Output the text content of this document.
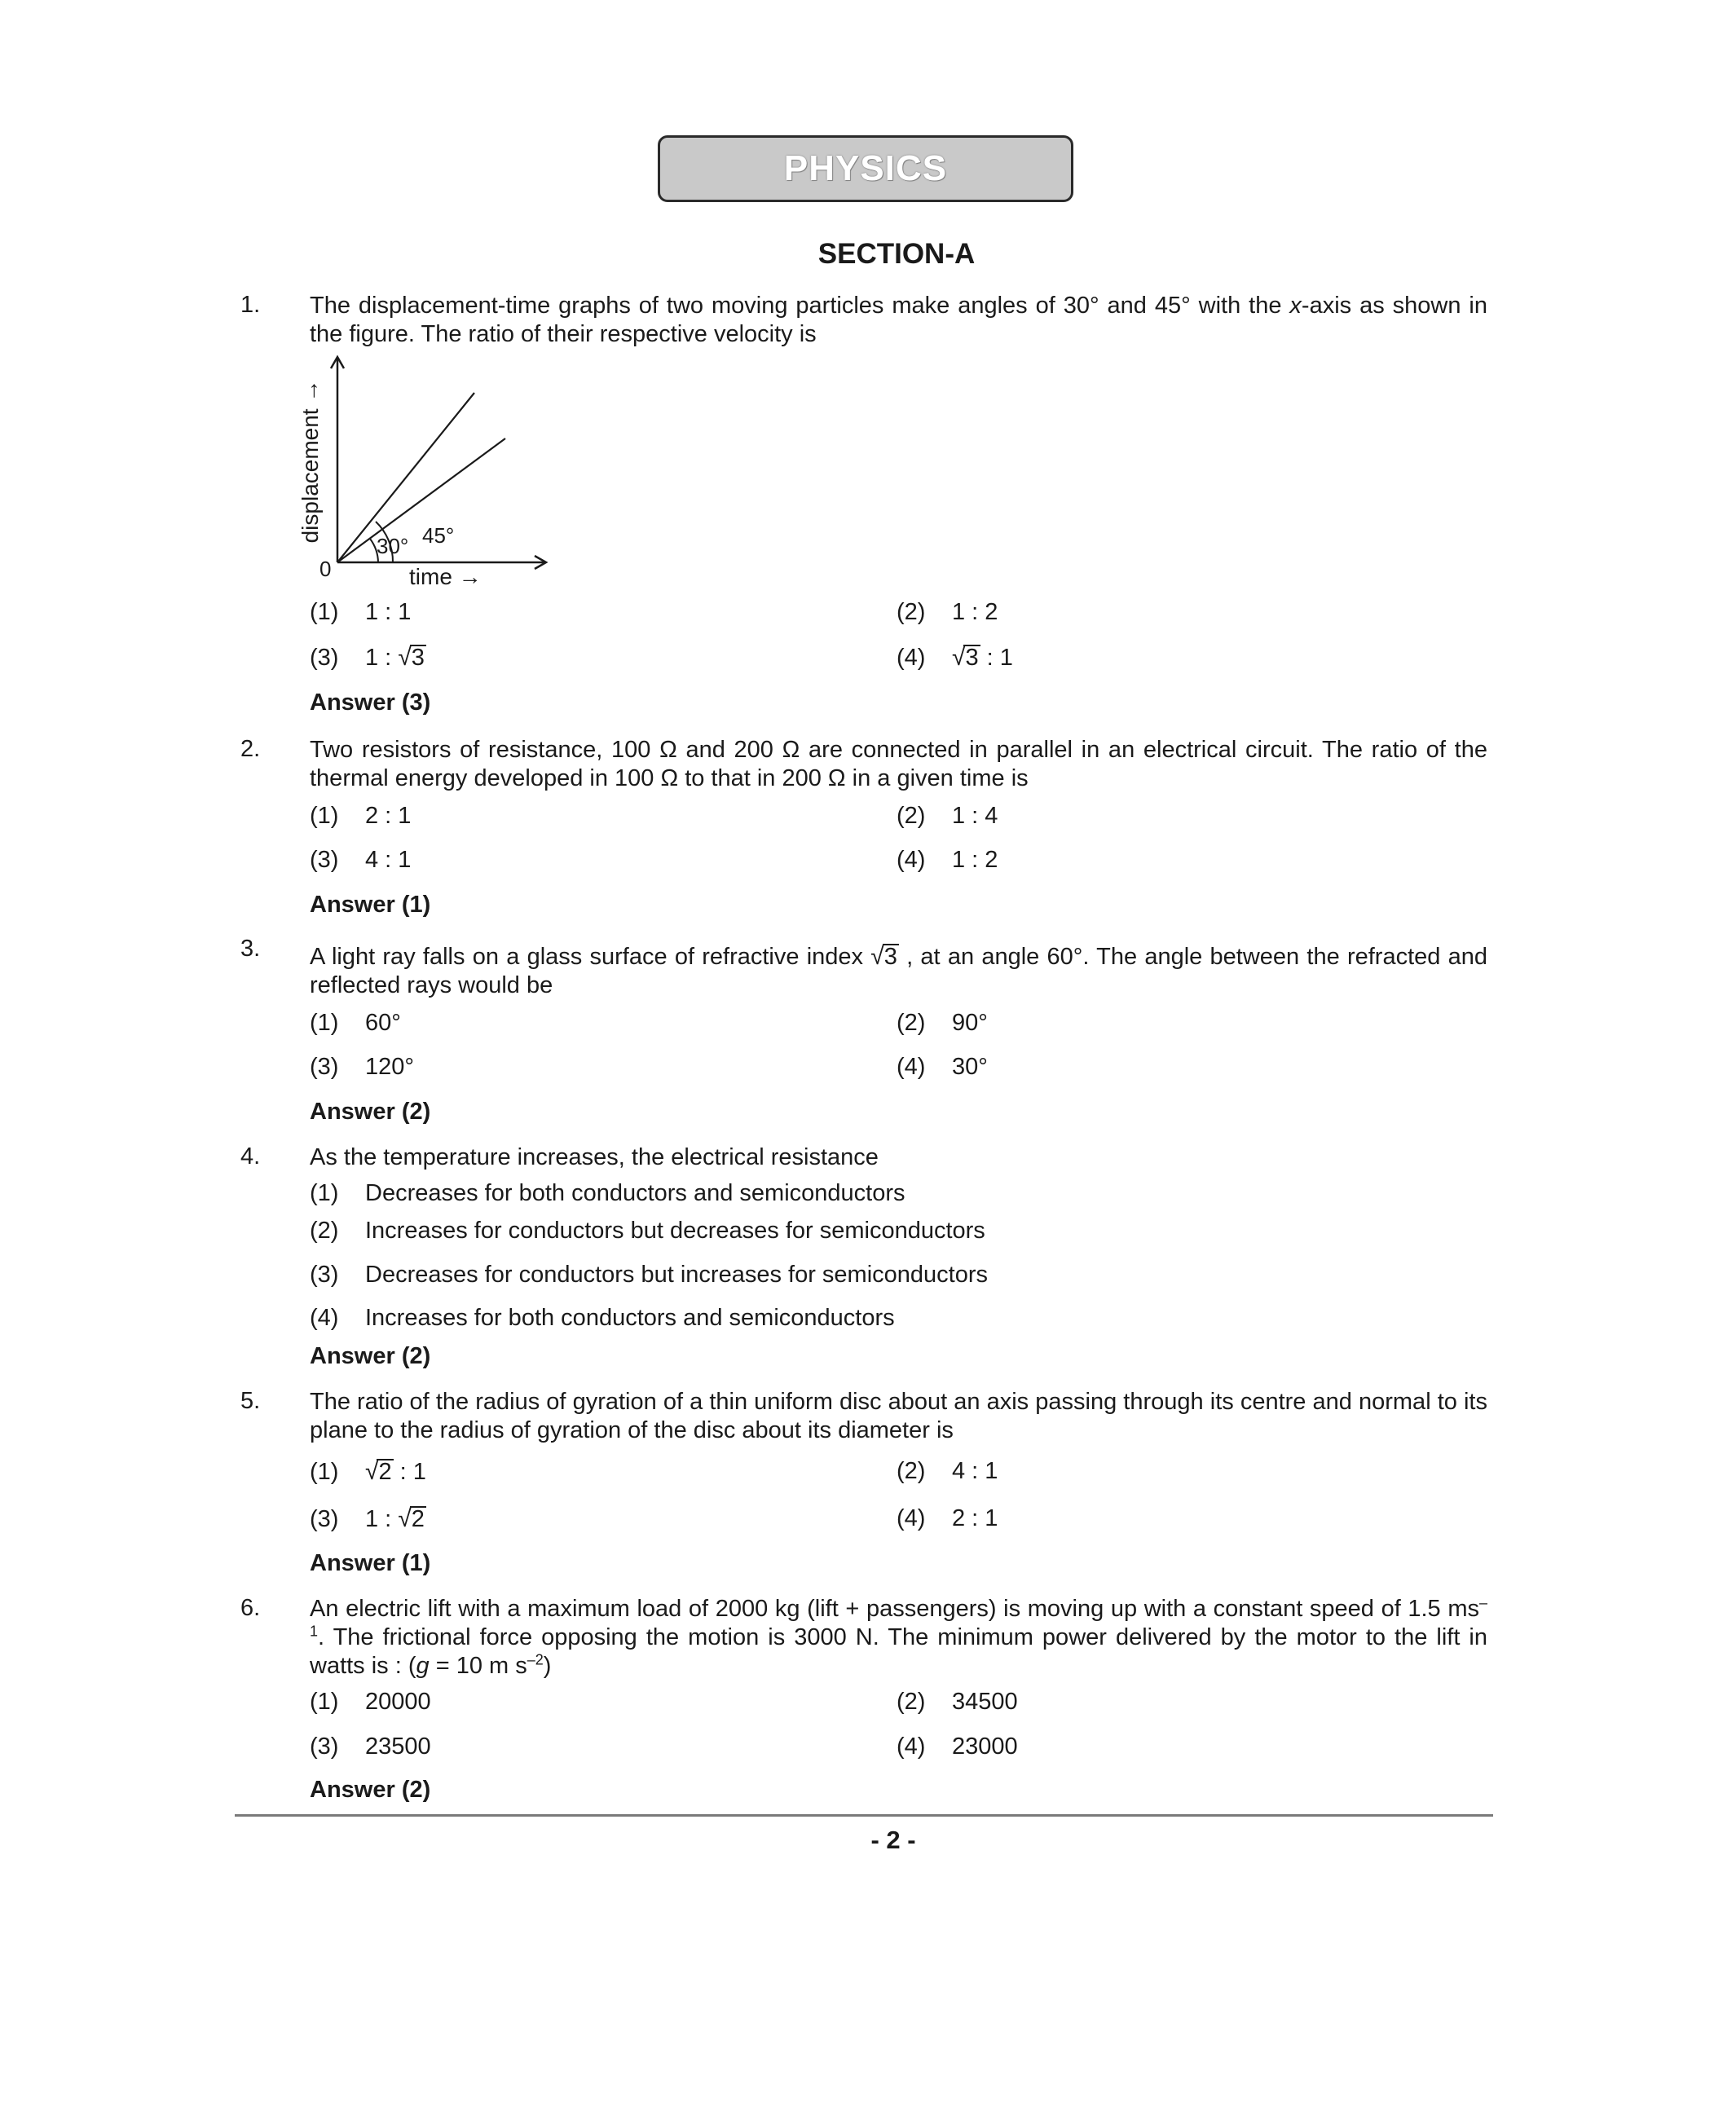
PHYSICS
SECTION-A
1. The displacement-time graphs of two moving particles make angles of 30° and 45° with the x-axis as shown in the figure. The ratio of their respective velocity is
displacement →
time →
0
30° 45°
(1) 1 : 1	(2) 1 : 2
(3) 1 : √3	(4) √3 : 1
Answer (3)
2. Two resistors of resistance, 100 Ω and 200 Ω are connected in parallel in an electrical circuit. The ratio of the thermal energy developed in 100 Ω to that in 200 Ω in a given time is
(1) 2 : 1	(2) 1 : 4
(3) 4 : 1	(4) 1 : 2
Answer (1)
3. A light ray falls on a glass surface of refractive index √3 , at an angle 60°. The angle between the refracted and reflected rays would be
(1) 60°	(2) 90°
(3) 120°	(4) 30°
Answer (2)
4. As the temperature increases, the electrical resistance
(1) Decreases for both conductors and semiconductors
(2) Increases for conductors but decreases for semiconductors
(3) Decreases for conductors but increases for semiconductors
(4) Increases for both conductors and semiconductors
Answer (2)
5. The ratio of the radius of gyration of a thin uniform disc about an axis passing through its centre and normal to its plane to the radius of gyration of the disc about its diameter is
(1) √2 : 1	(2) 4 : 1
(3) 1 : √2	(4) 2 : 1
Answer (1)
6. An electric lift with a maximum load of 2000 kg (lift + passengers) is moving up with a constant speed of 1.5 $ms^{-1}$. The frictional force opposing the motion is 3000 N. The minimum power delivered by the motor to the lift in watts is : (g = 10 m $s^{-2}$)
(1) 20000	(2) 34500
(3) 23500	(4) 23000
Answer (2)
- 2 -
